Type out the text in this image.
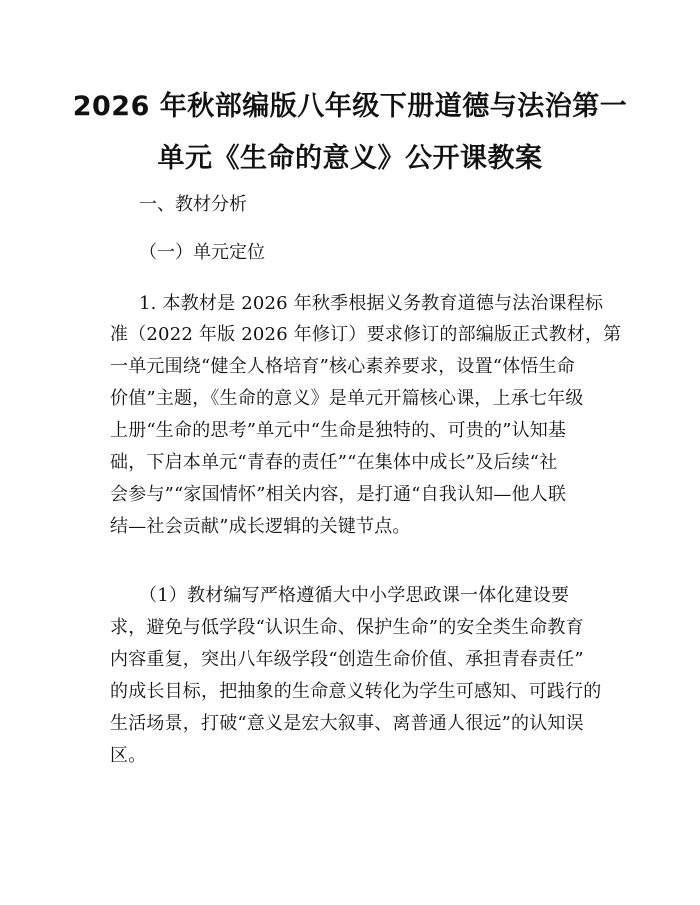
2026 年秋部编版八年级下册道德与法治第一
单元《生命的意义》公开课教案
一、教材分析
（一）单元定位
1. 本教材是 2026 年秋季根据义务教育道德与法治课程标
准（2022 年版 2026 年修订）要求修订的部编版正式教材，第
一单元围绕“健全人格培育”核心素养要求，设置“体悟生命
价值”主题，《生命的意义》是单元开篇核心课，上承七年级
上册“生命的思考”单元中“生命是独特的、可贵的”认知基
础，下启本单元“青春的责任”“在集体中成长”及后续“社
会参与”“家国情怀”相关内容，是打通“自我认知—他人联
结—社会贡献”成长逻辑的关键节点。
（1）教材编写严格遵循大中小学思政课一体化建设要
求，避免与低学段“认识生命、保护生命”的安全类生命教育
内容重复，突出八年级学段“创造生命价值、承担青春责任”
的成长目标，把抽象的生命意义转化为学生可感知、可践行的
生活场景，打破“意义是宏大叙事、离普通人很远”的认知误
区。
